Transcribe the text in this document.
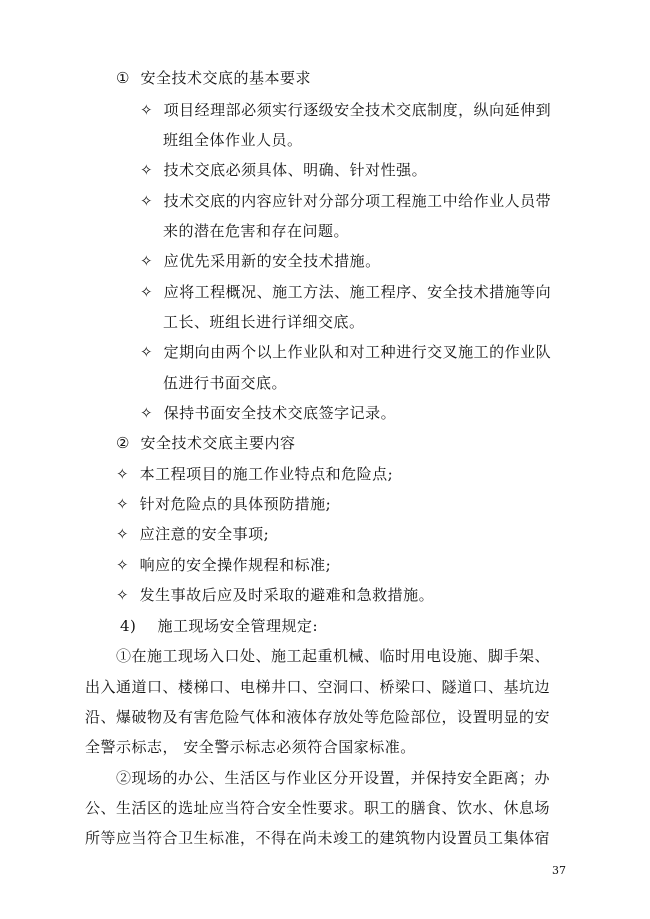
① 安全技术交底的基本要求
✧ 项目经理部必须实行逐级安全技术交底制度，纵向延伸到
班组全体作业人员。
✧ 技术交底必须具体、明确、针对性强。
✧ 技术交底的内容应针对分部分项工程施工中给作业人员带
来的潜在危害和存在问题。
✧ 应优先采用新的安全技术措施。
✧ 应将工程概况、施工方法、施工程序、安全技术措施等向
工长、班组长进行详细交底。
✧ 定期向由两个以上作业队和对工种进行交叉施工的作业队
伍进行书面交底。
✧ 保持书面安全技术交底签字记录。
② 安全技术交底主要内容
✧ 本工程项目的施工作业特点和危险点;
✧ 针对危险点的具体预防措施;
✧ 应注意的安全事项;
✧ 响应的安全操作规程和标准;
✧ 发生事故后应及时采取的避难和急救措施。
4) 施工现场安全管理规定:
①在施工现场入口处、施工起重机械、临时用电设施、脚手架、
出入通道口、楼梯口、电梯井口、空洞口、桥梁口、隧道口、基坑边
沿、爆破物及有害危险气体和液体存放处等危险部位，设置明显的安
全警示标志， 安全警示标志必须符合国家标准。
②现场的办公、生活区与作业区分开设置，并保持安全距离；办
公、生活区的选址应当符合安全性要求。职工的膳食、饮水、休息场
所等应当符合卫生标准，不得在尚未竣工的建筑物内设置员工集体宿
37
